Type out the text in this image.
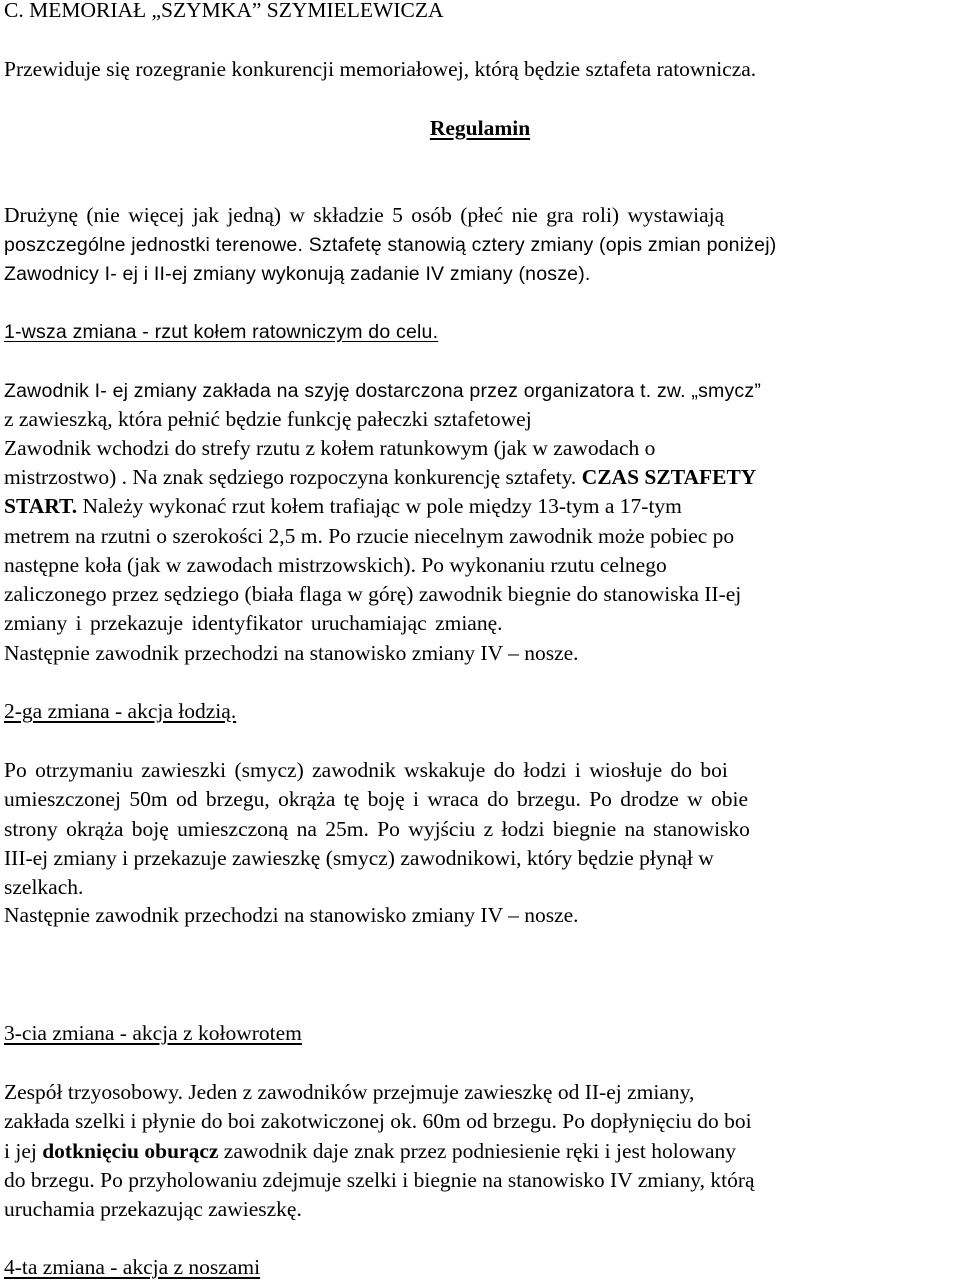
C. MEMORIAŁ „SZYMKA” SZYMIELEWICZA
Przewiduje się rozegranie konkurencji memoriałowej, którą będzie sztafeta ratownicza.
Regulamin
Drużynę (nie więcej jak jedną) w składzie 5 osób (płeć nie gra roli) wystawiają
poszczególne jednostki terenowe. Sztafetę stanowią cztery zmiany (opis zmian poniżej)
Zawodnicy I- ej i II-ej zmiany wykonują zadanie IV zmiany (nosze).
1-wsza zmiana - rzut kołem ratowniczym do celu.
Zawodnik I- ej zmiany zakłada na szyję dostarczona przez organizatora t. zw. „smycz”
z zawieszką, która pełnić będzie funkcję pałeczki sztafetowej
Zawodnik wchodzi do strefy rzutu z kołem ratunkowym (jak w zawodach o
mistrzostwo) . Na znak sędziego rozpoczyna konkurencję sztafety. CZAS SZTAFETY
START. Należy wykonać rzut kołem trafiając w pole między 13-tym a 17-tym
metrem na rzutni o szerokości 2,5 m. Po rzucie niecelnym zawodnik może pobiec po
następne koła (jak w zawodach mistrzowskich). Po wykonaniu rzutu celnego
zaliczonego przez sędziego (biała flaga w górę) zawodnik biegnie do stanowiska II-ej
zmiany i przekazuje identyfikator uruchamiając zmianę.
Następnie zawodnik przechodzi na stanowisko zmiany IV – nosze.
2-ga zmiana - akcja łodzią.
Po otrzymaniu zawieszki (smycz) zawodnik wskakuje do łodzi i wiosłuje do boi
umieszczonej 50m od brzegu, okrąża tę boję i wraca do brzegu. Po drodze w obie
strony okrąża boję umieszczoną na 25m. Po wyjściu z łodzi biegnie na stanowisko
III-ej zmiany i przekazuje zawieszkę (smycz) zawodnikowi, który będzie płynął w
szelkach.
Następnie zawodnik przechodzi na stanowisko zmiany IV – nosze.
3-cia zmiana - akcja z kołowrotem
Zespół trzyosobowy. Jeden z zawodników przejmuje zawieszkę od II-ej zmiany,
zakłada szelki i płynie do boi zakotwiczonej ok. 60m od brzegu. Po dopłynięciu do boi
i jej dotknięciu oburącz zawodnik daje znak przez podniesienie ręki i jest holowany
do brzegu. Po przyholowaniu zdejmuje szelki i biegnie na stanowisko IV zmiany, którą
uruchamia przekazując zawieszkę.
4-ta zmiana - akcja z noszami
